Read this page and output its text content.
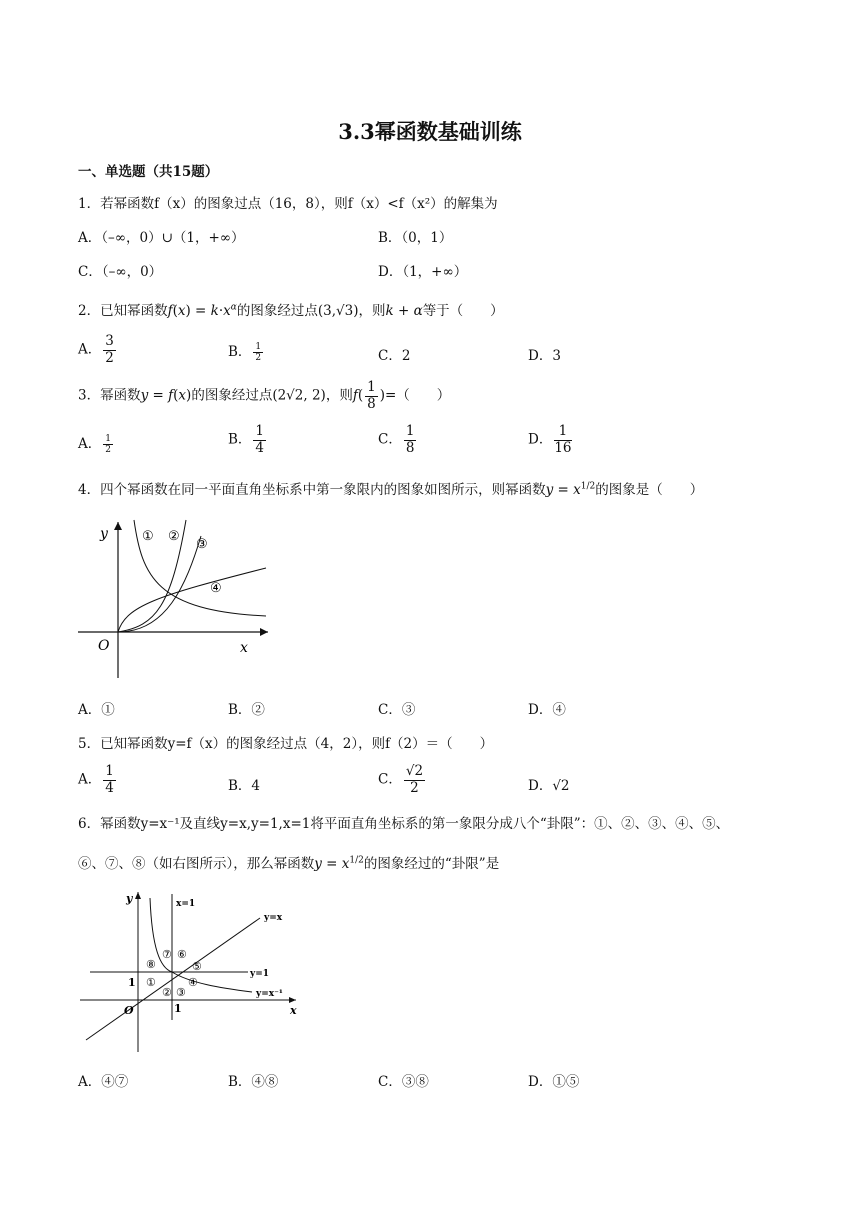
3.3幂函数基础训练
一、单选题（共15题）
1．若幂函数f（x）的图象过点（16，8），则f（x）<f（x²）的解集为
A．（–∞，0）∪（1，+∞）	B．（0，1）
C．（–∞，0）	D．（1，+∞）
2．已知幂函数$f(x) = k\cdot x^\alpha$的图象经过点(3,√3)，则k + α等于（　　）
A． $\frac{3}{2}$	B． $\frac{1}{2}$	C．2	D．3
3．幂函数y = f(x)的图象经过点(2√2, 2)，则$f( \frac{1}{8}$ )=（　　）
A． $\frac{1}{2}$	B． $\frac{1}{4}$	C． $\frac{1}{8}$	D． $\frac{1}{16}$
4．四个幂函数在同一平面直角坐标系中第一象限内的图象如图所示，则幂函数$y = x^{1/2}$的图象是（　　）
y
x
O
① ②
③
④
A．①	B．②	C．③	D．④
5．已知幂函数y=f（x）的图象经过点（4，2），则f（2）＝（　　）
A． $\frac{1}{4}$	B．4	C． $\frac{√2}{2}$	D．√2
6．幂函数y=x⁻¹及直线y=x,y=1,x=1将平面直角坐标系的第一象限分成八个“卦限”：①、②、③、④、⑤、
⑥、⑦、⑧（如右图所示），那么幂函数$y = x^{1/2}$的图象经过的“卦限”是
y
x
O
x=1
y=x
y=1
y=x⁻¹
1
1
①
② ③
④
⑤
⑥
⑦
⑧
A．④⑦	B．④⑧	C．③⑧	D．①⑤
